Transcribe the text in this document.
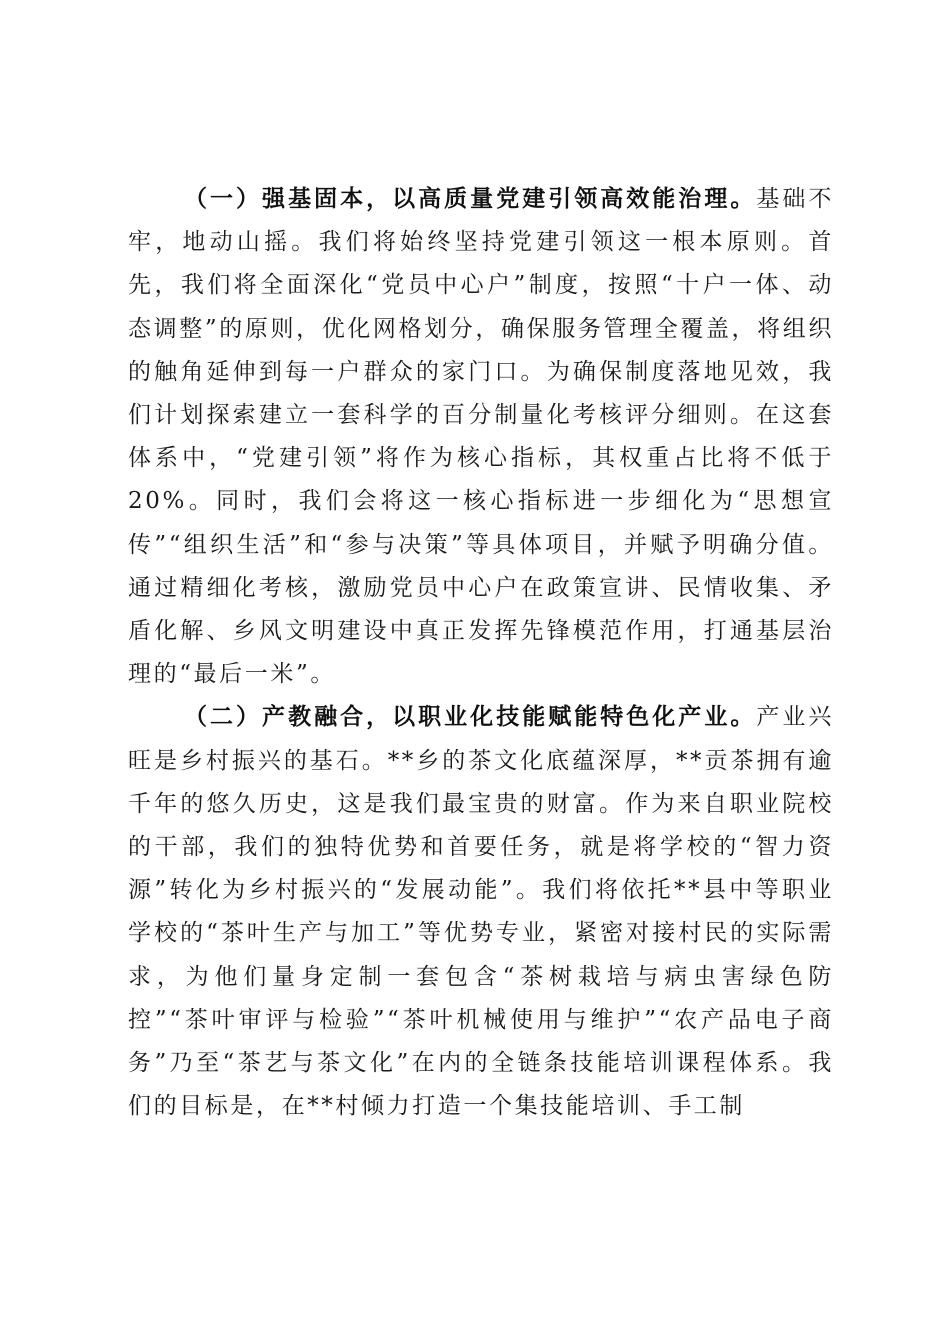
（一）强基固本，以高质量党建引领高效能治理。基础不牢，地动山摇。我们将始终坚持党建引领这一根本原则。首先，我们将全面深化“党员中心户”制度，按照“十户一体、动态调整”的原则，优化网格划分，确保服务管理全覆盖，将组织的触角延伸到每一户群众的家门口。为确保制度落地见效，我们计划探索建立一套科学的百分制量化考核评分细则。在这套体系中，“党建引领”将作为核心指标，其权重占比将不低于20%。同时，我们会将这一核心指标进一步细化为“思想宣传”“组织生活”和“参与决策”等具体项目，并赋予明确分值。通过精细化考核，激励党员中心户在政策宣讲、民情收集、矛盾化解、乡风文明建设中真正发挥先锋模范作用，打通基层治理的“最后一米”。

（二）产教融合，以职业化技能赋能特色化产业。产业兴旺是乡村振兴的基石。**乡的茶文化底蕴深厚，**贡茶拥有逾千年的悠久历史，这是我们最宝贵的财富。作为来自职业院校的干部，我们的独特优势和首要任务，就是将学校的“智力资源”转化为乡村振兴的“发展动能”。我们将依托**县中等职业学校的“茶叶生产与加工”等优势专业，紧密对接村民的实际需求，为他们量身定制一套包含“茶树栽培与病虫害绿色防控”“茶叶审评与检验”“茶叶机械使用与维护”“农产品电子商务”乃至“茶艺与茶文化”在内的全链条技能培训课程体系。我们的目标是，在**村倾力打造一个集技能培训、手工制
